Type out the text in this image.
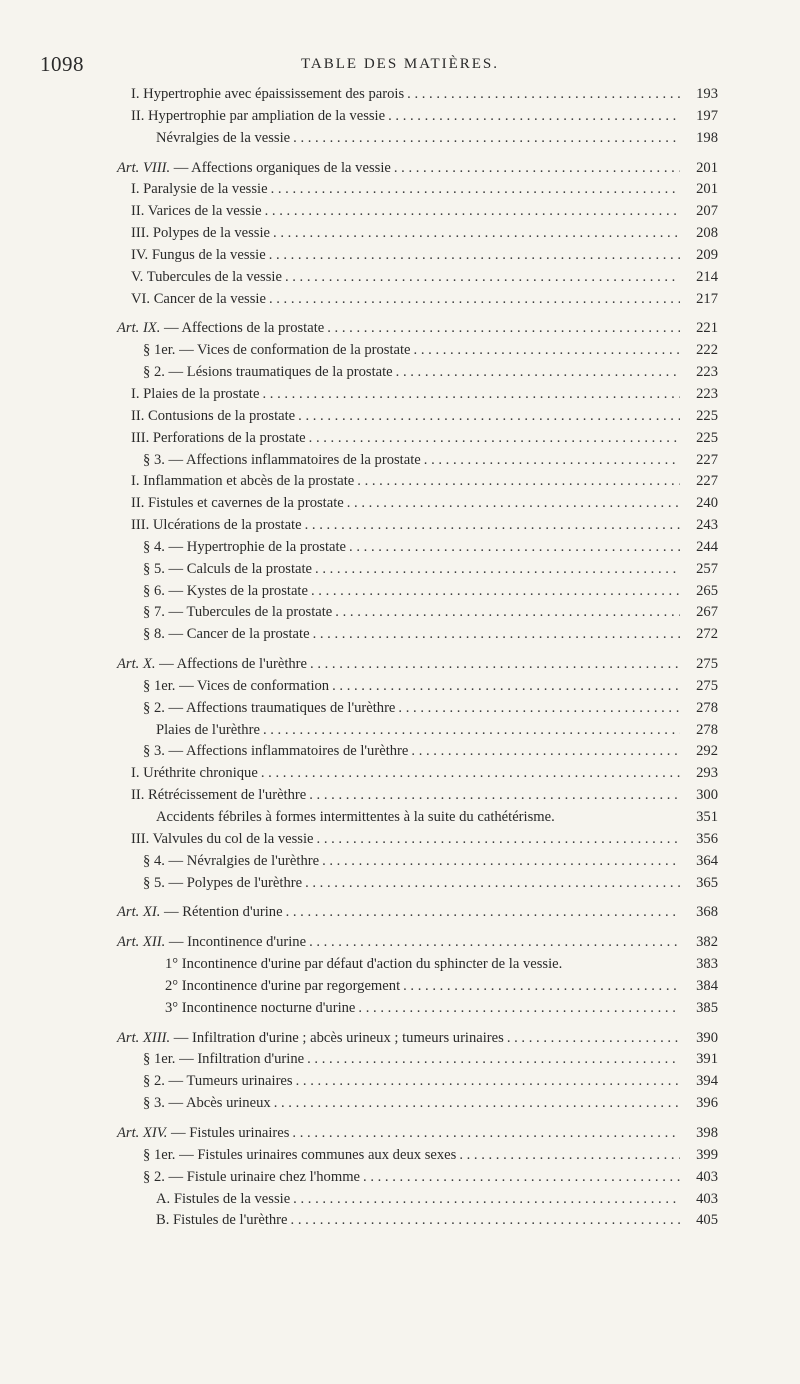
1098	TABLE DES MATIÈRES.
I. Hypertrophie avec épaississement des parois . . .	193
II. Hypertrophie par ampliation de la vessie . . .	197
Névralgies de la vessie . . .	198
Art. VIII. — Affections organiques de la vessie . . .	201
I. Paralysie de la vessie . . .	201
II. Varices de la vessie . . .	207
III. Polypes de la vessie . . .	208
IV. Fungus de la vessie . . .	209
V. Tubercules de la vessie . . .	214
VI. Cancer de la vessie . . .	217
Art. IX. — Affections de la prostate . . .	221
§ 1er. — Vices de conformation de la prostate . . .	222
§ 2. — Lésions traumatiques de la prostate . . .	223
I. Plaies de la prostate . . .	223
II. Contusions de la prostate . . .	225
III. Perforations de la prostate . . .	225
§ 3. — Affections inflammatoires de la prostate . . .	227
I. Inflammation et abcès de la prostate . . .	227
II. Fistules et cavernes de la prostate . . .	240
III. Ulcérations de la prostate . . .	243
§ 4. — Hypertrophie de la prostate . . .	244
§ 5. — Calculs de la prostate . . .	257
§ 6. — Kystes de la prostate . . .	265
§ 7. — Tubercules de la prostate . . .	267
§ 8. — Cancer de la prostate . . .	272
Art. X. — Affections de l'urèthre . . .	275
§ 1er. — Vices de conformation . . .	275
§ 2. — Affections traumatiques de l'urèthre . . .	278
Plaies de l'urèthre . . .	278
§ 3. — Affections inflammatoires de l'urèthre . . .	292
I. Uréthrite chronique . . .	293
II. Rétrécissement de l'urèthre . . .	300
Accidents fébriles à formes intermittentes à la suite du cathétérisme.	351
III. Valvules du col de la vessie . . .	356
§ 4. — Névralgies de l'urèthre . . .	364
§ 5. — Polypes de l'urèthre . . .	365
Art. XI. — Rétention d'urine . . .	368
Art. XII. — Incontinence d'urine . . .	382
1° Incontinence d'urine par défaut d'action du sphincter de la vessie.	383
2° Incontinence d'urine par regorgement . . .	384
3° Incontinence nocturne d'urine . . .	385
Art. XIII. — Infiltration d'urine ; abcès urineux ; tumeurs urinaires . . .	390
§ 1er. — Infiltration d'urine . . .	391
§ 2. — Tumeurs urinaires . . .	394
§ 3. — Abcès urineux . . .	396
Art. XIV. — Fistules urinaires . . .	398
§ 1er. — Fistules urinaires communes aux deux sexes . . .	399
§ 2. — Fistule urinaire chez l'homme . . .	403
A. Fistules de la vessie . . .	403
B. Fistules de l'urèthre . . .	405
